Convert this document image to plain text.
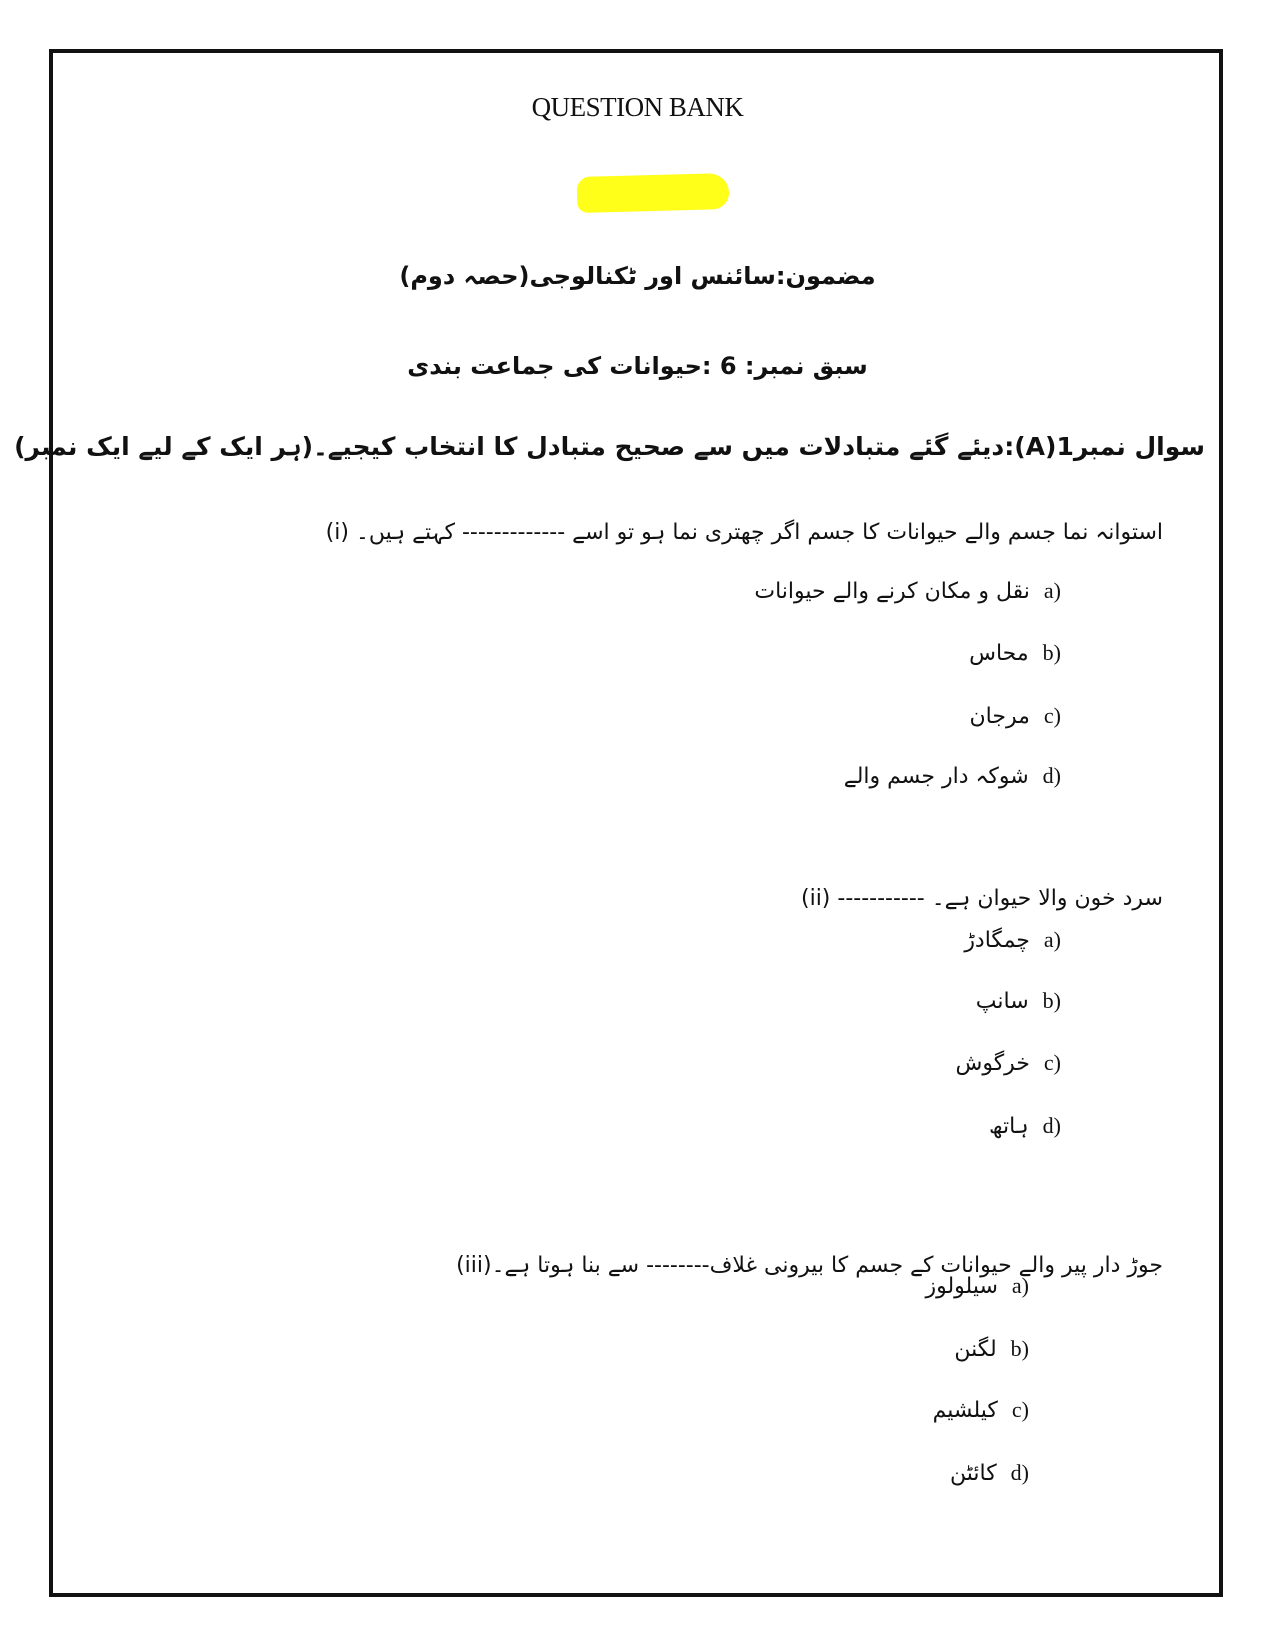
QUESTION BANK
مضمون:سائنس اور ٹکنالوجی(حصہ دوم)
سبق نمبر: 6 :حیوانات کی جماعت بندی
سوال نمبر1(A):دیئے گئے متبادلات میں سے صحیح متبادل کا انتخاب کیجیے۔(ہر ایک کے لیے ایک نمبر)
(i) استوانہ نما جسم والے حیوانات کا جسم اگر چھتری نما ہو تو اسے ------------- کہتے ہیں۔
(ii) ----------- سرد خون والا حیوان ہے۔
(iii)جوڑ دار پیر والے حیوانات کے جسم کا بیرونی غلاف-------- سے بنا ہوتا ہے۔
a)نقل و مکان کرنے والے حیوانات
b)محاس
c)مرجان
d)شوکہ دار جسم والے
a)چمگادڑ
b)سانپ
c)خرگوش
d)ہاتھ
a)سیلولوز
b)لگنن
c)کیلشیم
d)کائٹن
